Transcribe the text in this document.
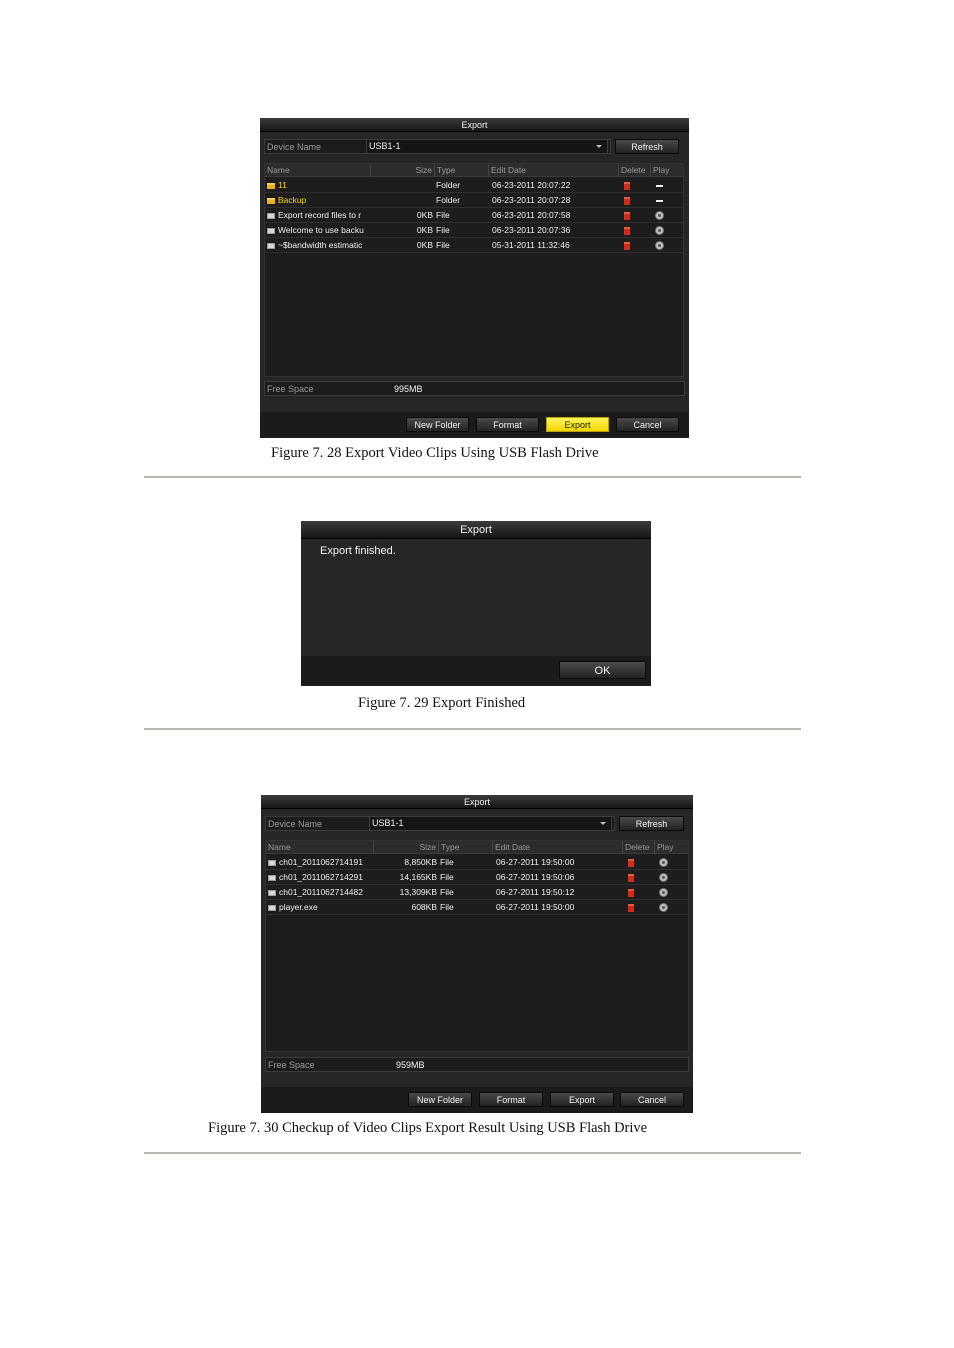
Export
Device Name	USB1-1	Refresh
Name	Size Type	Edit Date	Delete Play
11	Folder	06-23-2011 20:07:22
Backup	Folder	06-23-2011 20:07:28
Export record files to r	0KB File	06-23-2011 20:07:58
Welcome to use backu	0KB File	06-23-2011 20:07:36
~$bandwidth estimatic	0KB File	05-31-2011 11:32:46
Free Space	995MB
New Folder	Format	Export	Cancel
Figure 7. 28 Export Video Clips Using USB Flash Drive
Export
Export finished.
OK
Figure 7. 29 Export Finished
Export
Device Name	USB1-1	Refresh
Name	Size Type	Edit Date	Delete Play
ch01_2011062714191	8,850KB File	06-27-2011 19:50:00
ch01_2011062714291	14,165KB File	06-27-2011 19:50:06
ch01_2011062714482	13,309KB File	06-27-2011 19:50:12
player.exe	608KB File	06-27-2011 19:50:00
Free Space	959MB
New Folder	Format	Export	Cancel
Figure 7. 30 Checkup of Video Clips Export Result Using USB Flash Drive
